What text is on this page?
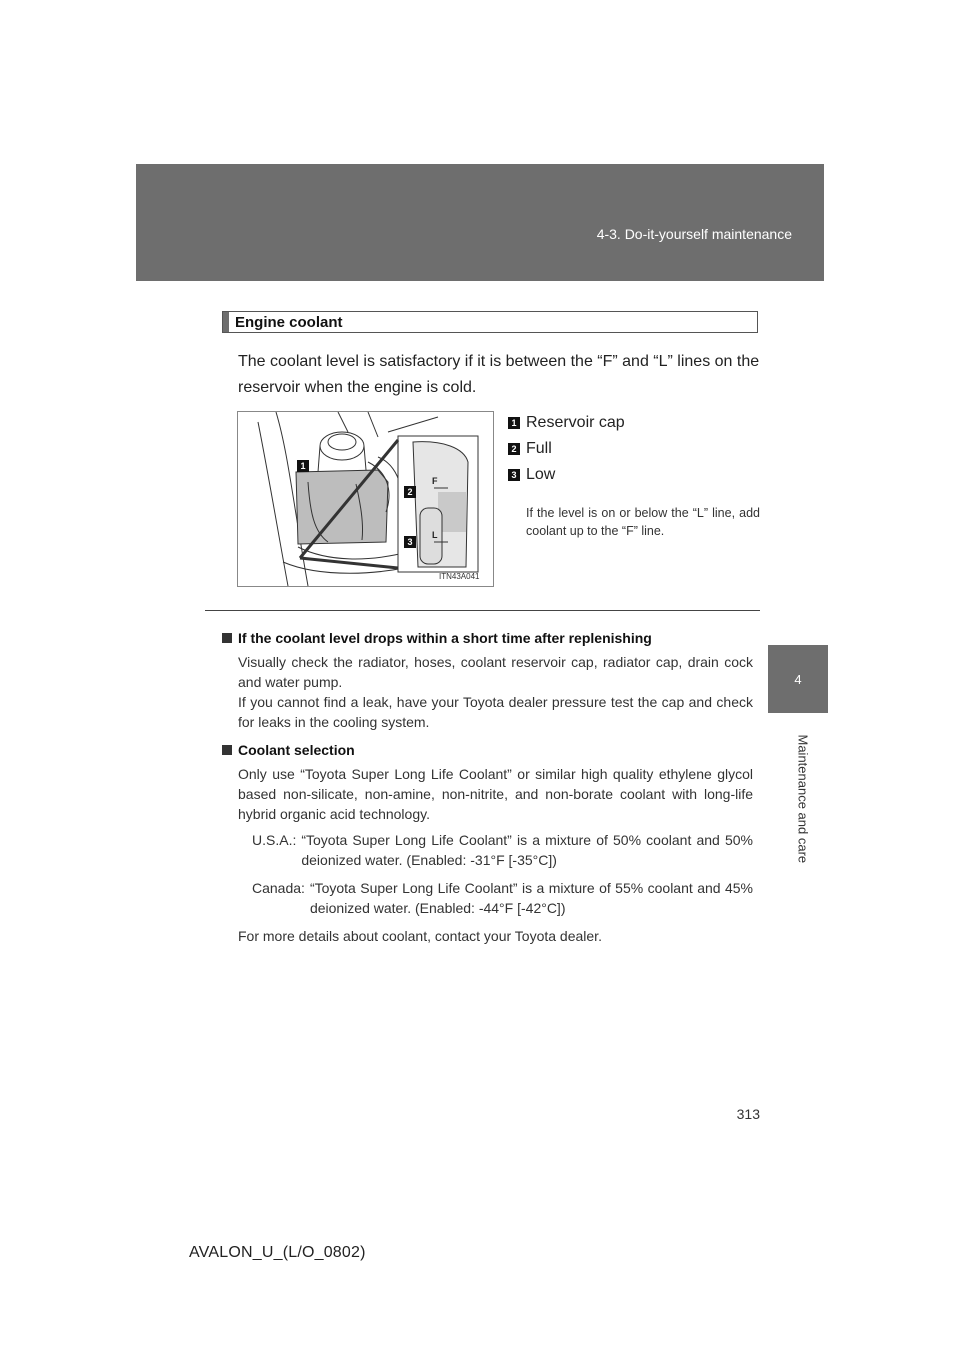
4-3. Do-it-yourself maintenance
4
Maintenance and care
Engine coolant
The coolant level is satisfactory if it is between the “F” and “L” lines on the reservoir when the engine is cold.
F
L
1
2
3
ITN43A041
1 Reservoir cap
2 Full
3 Low
If the level is on or below the “L” line, add coolant up to the “F” line.
If the coolant level drops within a short time after replenishing
Visually check the radiator, hoses, coolant reservoir cap, radiator cap, drain cock and water pump.
If you cannot find a leak, have your Toyota dealer pressure test the cap and check for leaks in the cooling system.
Coolant selection
Only use “Toyota Super Long Life Coolant” or similar high quality ethylene glycol based non-silicate, non-amine, non-nitrite, and non-borate coolant with long-life hybrid organic acid technology.
U.S.A.: “Toyota Super Long Life Coolant” is a mixture of 50% coolant and 50% deionized water. (Enabled: -31°F [-35°C])
Canada: “Toyota Super Long Life Coolant” is a mixture of 55% coolant and 45% deionized water. (Enabled: -44°F [-42°C])
For more details about coolant, contact your Toyota dealer.
313
AVALON_U_(L/O_0802)
